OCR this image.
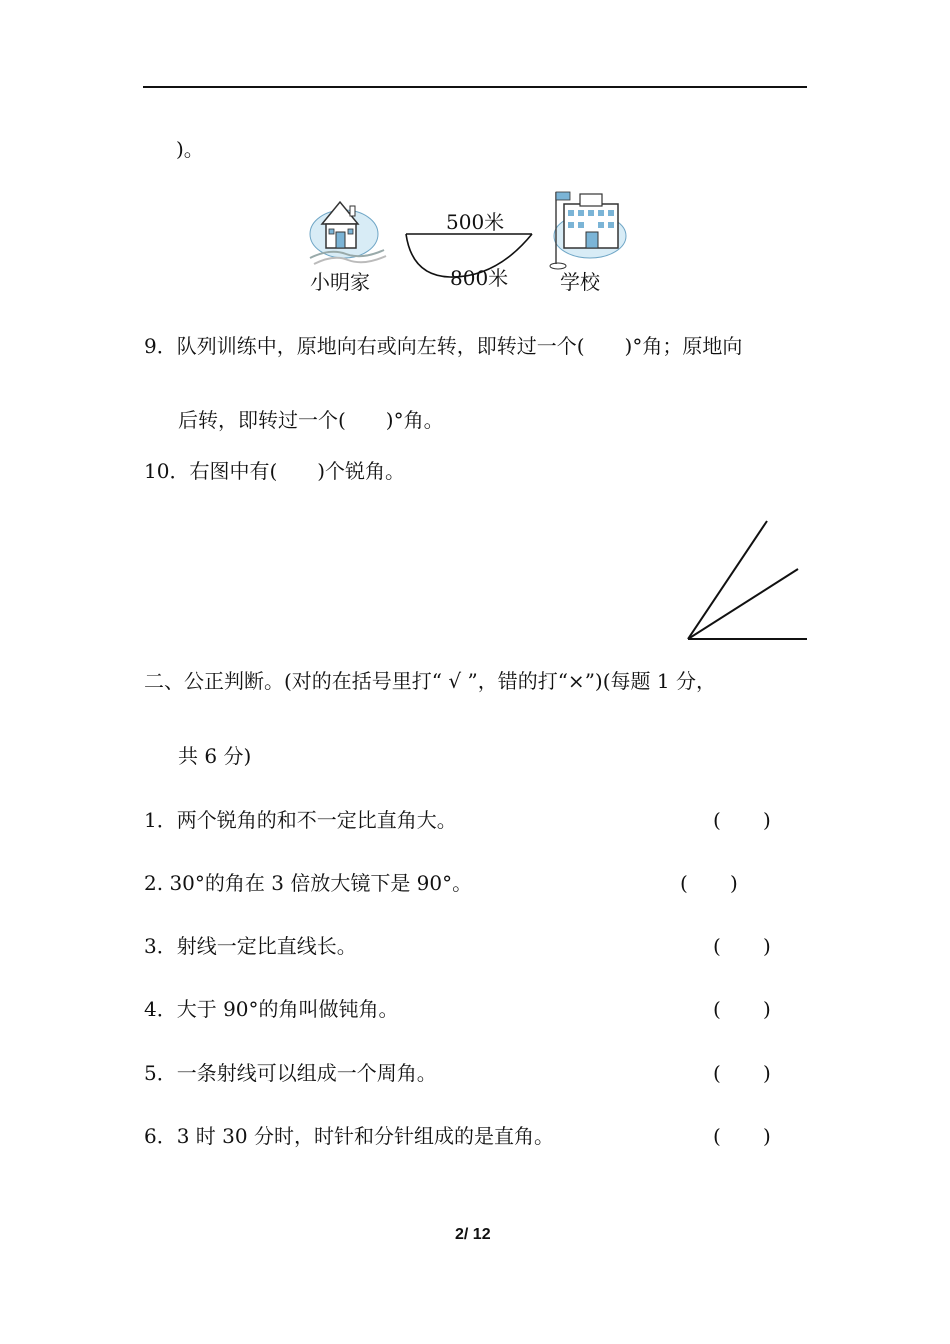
)。
500米
800米
小明家	学校
9．队列训练中，原地向右或向左转，即转过一个(　　)°角；原地向
后转，即转过一个(　　)°角。
10．右图中有(　　)个锐角。
二、公正判断。(对的在括号里打“ √ ”，错的打“×”)(每题 1 分，
共 6 分)
1．两个锐角的和不一定比直角大。	( )
2. 30°的角在 3 倍放大镜下是 90°。	( )
3．射线一定比直线长。	( )
4．大于 90°的角叫做钝角。	( )
5．一条射线可以组成一个周角。	( )
6．3 时 30 分时，时针和分针组成的是直角。	( )
2/ 12
